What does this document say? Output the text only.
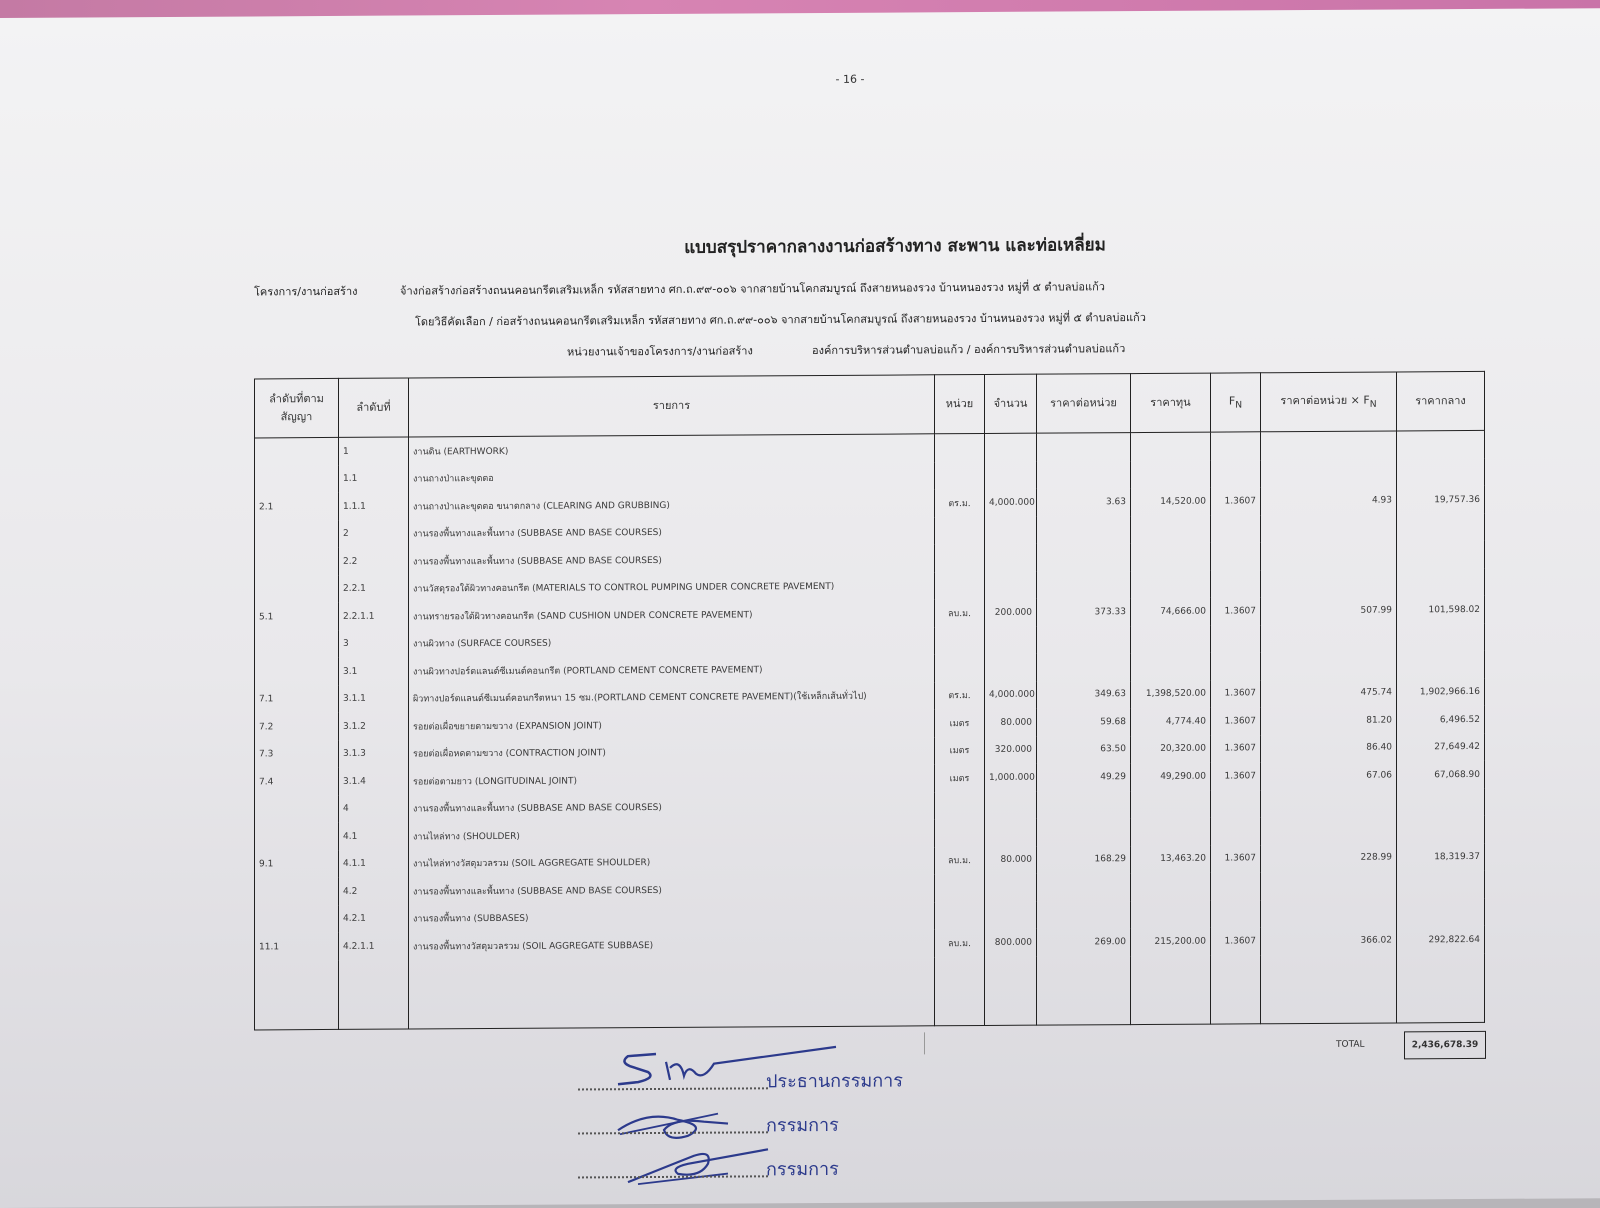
- 16 -
แบบสรุปราคากลางงานก่อสร้างทาง สะพาน และท่อเหลี่ยม
โครงการ/งานก่อสร้าง	จ้างก่อสร้างก่อสร้างถนนคอนกรีตเสริมเหล็ก รหัสสายทาง ศก.ถ.๙๙-๐๐๖ จากสายบ้านโคกสมบูรณ์ ถึงสายหนองรวง บ้านหนองรวง หมู่ที่ ๕ ตำบลบ่อแก้ว
โดยวิธีคัดเลือก / ก่อสร้างถนนคอนกรีตเสริมเหล็ก รหัสสายทาง ศก.ถ.๙๙-๐๐๖ จากสายบ้านโคกสมบูรณ์ ถึงสายหนองรวง บ้านหนองรวง หมู่ที่ ๕ ตำบลบ่อแก้ว
หน่วยงานเจ้าของโครงการ/งานก่อสร้าง	องค์การบริหารส่วนตำบลบ่อแก้ว / องค์การบริหารส่วนตำบลบ่อแก้ว
ลำดับที่ตาม สัญญา	ลำดับที่	รายการ	หน่วย	จำนวน	ราคาต่อหน่วย	ราคาทุน	$F_N$	ราคาต่อหน่วย × $F_N$	ราคากลาง
	1	งานดิน (EARTHWORK)							
	1.1	งานถางป่าและขุดตอ							
2.1	1.1.1	งานถางป่าและขุดตอ ขนาดกลาง (CLEARING AND GRUBBING)	ตร.ม.	4,000.000	3.63	14,520.00	1.3607	4.93	19,757.36
	2	งานรองพื้นทางและพื้นทาง (SUBBASE AND BASE COURSES)							
	2.2	งานรองพื้นทางและพื้นทาง (SUBBASE AND BASE COURSES)							
	2.2.1	งานวัสดุรองใต้ผิวทางคอนกรีต (MATERIALS TO CONTROL PUMPING UNDER CONCRETE PAVEMENT)							
5.1	2.2.1.1	งานทรายรองใต้ผิวทางคอนกรีต (SAND CUSHION UNDER CONCRETE PAVEMENT)	ลบ.ม.	200.000	373.33	74,666.00	1.3607	507.99	101,598.02
	3	งานผิวทาง (SURFACE COURSES)							
	3.1	งานผิวทางปอร์ตแลนด์ซีเมนต์คอนกรีต (PORTLAND CEMENT CONCRETE PAVEMENT)							
7.1	3.1.1	ผิวทางปอร์ตแลนด์ซีเมนต์คอนกรีตหนา 15 ซม.(PORTLAND CEMENT CONCRETE PAVEMENT)(ใช้เหล็กเส้นทั่วไป)	ตร.ม.	4,000.000	349.63	1,398,520.00	1.3607	475.74	1,902,966.16
7.2	3.1.2	รอยต่อเผื่อขยายตามขวาง (EXPANSION JOINT)	เมตร	80.000	59.68	4,774.40	1.3607	81.20	6,496.52
7.3	3.1.3	รอยต่อเผื่อหดตามขวาง (CONTRACTION JOINT)	เมตร	320.000	63.50	20,320.00	1.3607	86.40	27,649.42
7.4	3.1.4	รอยต่อตามยาว (LONGITUDINAL JOINT)	เมตร	1,000.000	49.29	49,290.00	1.3607	67.06	67,068.90
	4	งานรองพื้นทางและพื้นทาง (SUBBASE AND BASE COURSES)							
	4.1	งานไหล่ทาง (SHOULDER)							
9.1	4.1.1	งานไหล่ทางวัสดุมวลรวม (SOIL AGGREGATE SHOULDER)	ลบ.ม.	80.000	168.29	13,463.20	1.3607	228.99	18,319.37
	4.2	งานรองพื้นทางและพื้นทาง (SUBBASE AND BASE COURSES)							
	4.2.1	งานรองพื้นทาง (SUBBASES)							
11.1	4.2.1.1	งานรองพื้นทางวัสดุมวลรวม (SOIL AGGREGATE SUBBASE)	ลบ.ม.	800.000	269.00	215,200.00	1.3607	366.02	292,822.64

TOTAL	2,436,678.39
ประธานกรรมการ
กรรมการ
กรรมการ
